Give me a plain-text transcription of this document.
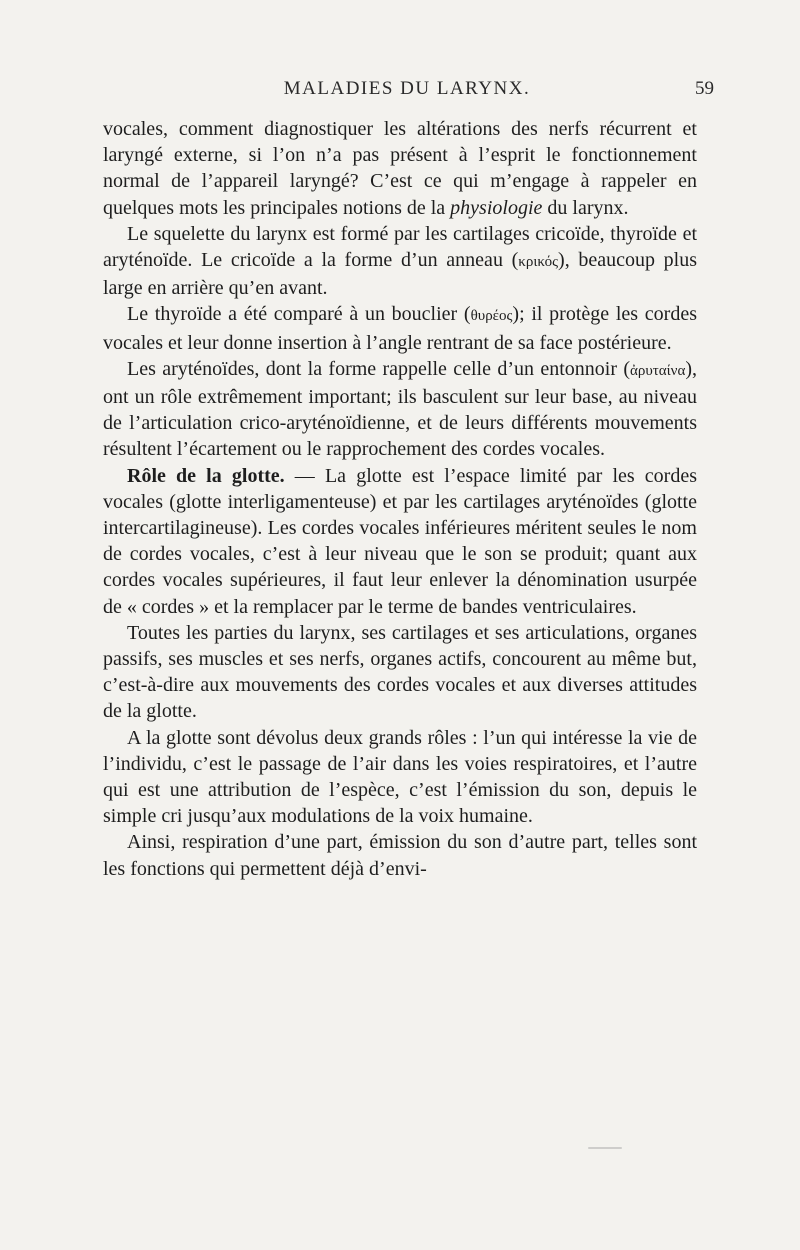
MALADIES DU LARYNX.	59

vocales, comment diagnostiquer les altérations des nerfs récurrent et laryngé externe, si l’on n’a pas présent à l’esprit le fonctionnement normal de l’appareil laryngé? C’est ce qui m’engage à rappeler en quelques mots les principales notions de la physiologie du larynx.

Le squelette du larynx est formé par les cartilages cricoïde, thyroïde et aryténoïde. Le cricoïde a la forme d’un anneau (κρικός), beaucoup plus large en arrière qu’en avant.

Le thyroïde a été comparé à un bouclier (θυρέος); il protège les cordes vocales et leur donne insertion à l’angle rentrant de sa face postérieure.

Les aryténoïdes, dont la forme rappelle celle d’un entonnoir (ἀρυταίνα), ont un rôle extrêmement important; ils basculent sur leur base, au niveau de l’articulation crico-aryténoïdienne, et de leurs différents mouvements résultent l’écartement ou le rapprochement des cordes vocales.

Rôle de la glotte. — La glotte est l’espace limité par les cordes vocales (glotte interligamenteuse) et par les cartilages aryténoïdes (glotte intercartilagineuse). Les cordes vocales inférieures méritent seules le nom de cordes vocales, c’est à leur niveau que le son se produit; quant aux cordes vocales supérieures, il faut leur enlever la dénomination usurpée de « cordes » et la remplacer par le terme de bandes ventriculaires.

Toutes les parties du larynx, ses cartilages et ses articulations, organes passifs, ses muscles et ses nerfs, organes actifs, concourent au même but, c’est-à-dire aux mouvements des cordes vocales et aux diverses attitudes de la glotte.

A la glotte sont dévolus deux grands rôles : l’un qui intéresse la vie de l’individu, c’est le passage de l’air dans les voies respiratoires, et l’autre qui est une attribution de l’espèce, c’est l’émission du son, depuis le simple cri jusqu’aux modulations de la voix humaine.

Ainsi, respiration d’une part, émission du son d’autre part, telles sont les fonctions qui permettent déjà d’envi-
